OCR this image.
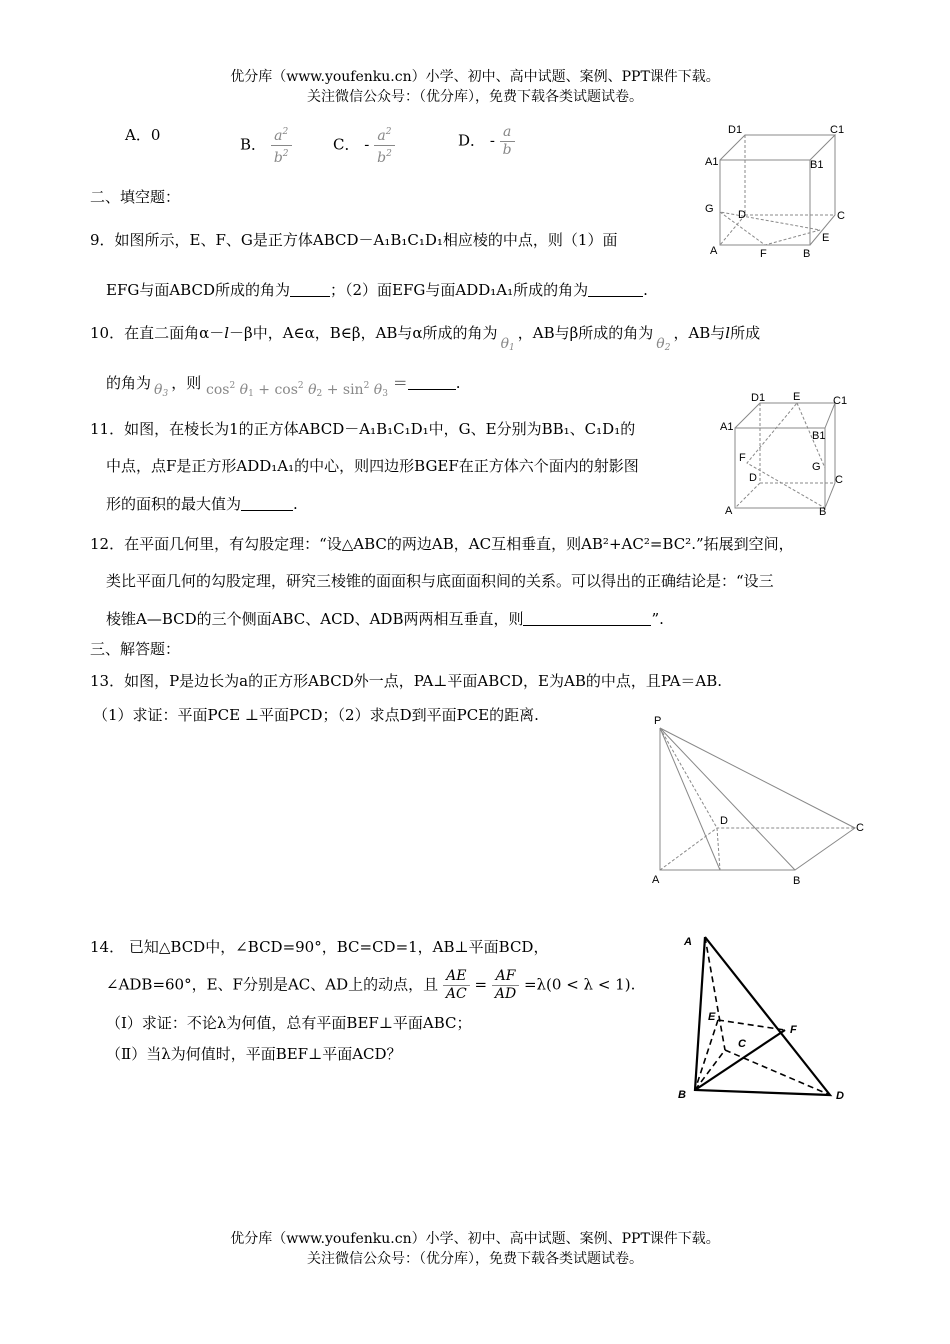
优分库（www.youfenku.cn）小学、初中、高中试题、案例、PPT课件下载。
关注微信公众号：（优分库），免费下载各类试题试卷。
A．0
B． $\frac{a^2}{b^2}$	C． - $\frac{a^2}{b^2}$	D． - $\frac{a}{b}$
二、填空题：
9．如图所示，E、F、G是正方体ABCD－A₁B₁C₁D₁相应棱的中点，则（1）面
EFG与面ABCD所成的角为	；（2）面EFG与面ADD₁A₁所成的角为	.
10．在直二面角α－l－β中，A∈α，B∈β，AB与α所成的角为$\theta_1$，AB与β所成的角为$\theta_2$，AB与l所成
的角为 $\theta_3$，则 $\cos^2 \theta_1 + \cos^2 \theta_2 + \sin^2 \theta_3$ ＝	.
11．如图，在棱长为1的正方体ABCD－A₁B₁C₁D₁中，G、E分别为BB₁、C₁D₁的
中点，点F是正方形ADD₁A₁的中心，则四边形BGEF在正方体六个面内的射影图
形的面积的最大值为	.
12．在平面几何里，有勾股定理：“设△ABC的两边AB，AC互相垂直，则AB²+AC²=BC².”拓展到空间，
类比平面几何的勾股定理，研究三棱锥的面面积与底面面积间的关系。可以得出的正确结论是：“设三
棱锥A—BCD的三个侧面ABC、ACD、ADB两两相互垂直，则	”.
三、解答题：
13．如图，P是边长为a的正方形ABCD外一点，PA⊥平面ABCD，E为AB的中点，且PA＝AB.
（1）求证：平面PCE ⊥平面PCD；（2）求点D到平面PCE的距离.
14． 已知△BCD中，∠BCD=90°，BC=CD=1，AB⊥平面BCD，
∠ADB=60°，E、F分别是AC、AD上的动点，且 $\frac{AE}{AC} = \frac{AF}{AD} =\lambda(0 < \lambda < 1)$.
（Ⅰ）求证：不论λ为何值，总有平面BEF⊥平面ABC；
（Ⅱ）当λ为何值时，平面BEF⊥平面ACD？
D1	C1
A1	B1
G D	C
A	F	B
E
D1	E	C1
A1
B1
F
G
D	C
A	B
P
D
C
A	B
A
E
F
C
B	D
优分库（www.youfenku.cn）小学、初中、高中试题、案例、PPT课件下载。
关注微信公众号：（优分库），免费下载各类试题试卷。
